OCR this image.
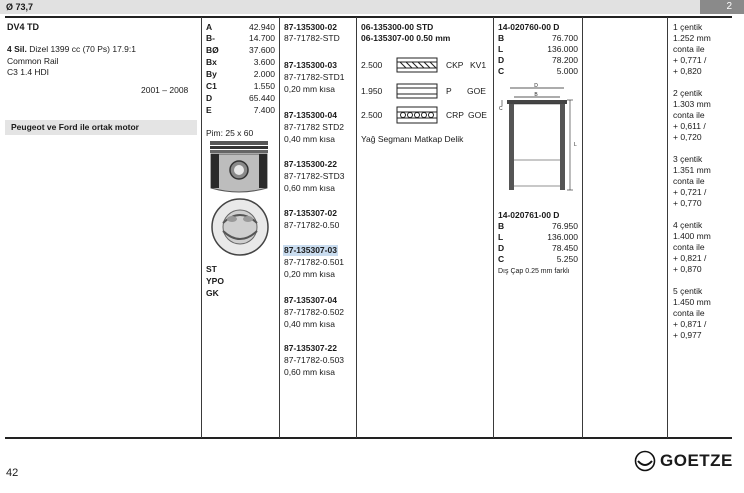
Ø 73,7	2
DV4 TD
4 Sil. Dizel 1399 cc (70 Ps) 17.9:1
Common Rail
C3 1.4 HDI
2001 – 2008
Peugeot ve Ford ile ortak motor
A	42.940
B-	14.700
BØ	37.600
Bx	3.600
By	2.000
C1	1.550
D	65.440
E	7.400
Pim: 25 x 60
ST
YPO
GK
87-135300-02
87-71782-STD
87-135300-03
87-71782-STD1
0,20 mm kısa
87-135300-04
87-71782 STD2
0,40 mm kısa
87-135300-22
87-71782-STD3
0,60 mm kısa
87-135307-02
87-71782-0.50
87-135307-03
87-71782-0.501
0,20 mm kısa
87-135307-04
87-71782-0.502
0,40 mm kısa
87-135307-22
87-71782-0.503
0,60 mm kısa
06-135300-00 STD
06-135307-00 0.50 mm
2.500	CKP KV1
1.950	P GOE
2.500	CRP GOE
Yağ Segmanı Matkap Delik
14-020760-00 D
B	76.700
L	136.000
D	78.200
C	5.000
D
B
L
C
14-020761-00 D
B	76.950
L	136.000
D	78.450
C	5.250
Dış Çap 0.25 mm farklı
1 çentik
1.252 mm
conta ile
+ 0,771 /
+ 0,820
2 çentik
1.303 mm
conta ile
+ 0,611 /
+ 0,720
3 çentik
1.351 mm
conta ile
+ 0,721 /
+ 0,770
4 çentik
1.400 mm
conta ile
+ 0,821 /
+ 0,870
5 çentik
1.450 mm
conta ile
+ 0,871 /
+ 0,977
42
GOETZE
